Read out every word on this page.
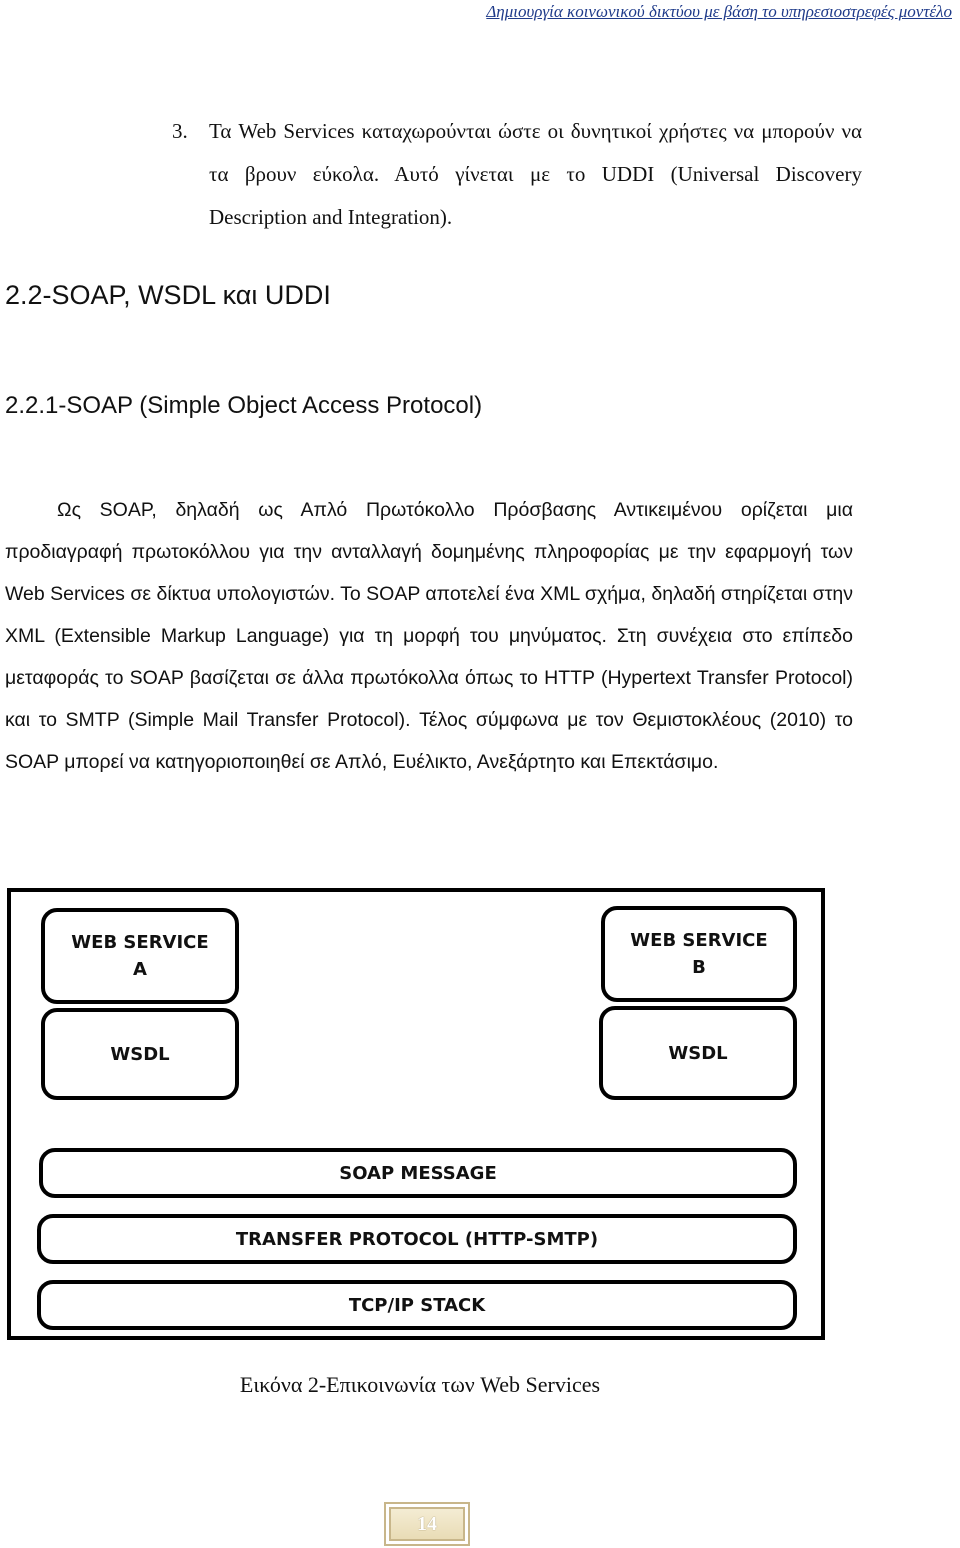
Δημιουργία κοινωνικού δικτύου με βάση το υπηρεσιοστρεφές μοντέλο
3. Τα Web Services καταχωρούνται ώστε οι δυνητικοί χρήστες να μπορούν να τα βρουν εύκολα. Αυτό γίνεται με το UDDI (Universal Discovery Description and Integration).
2.2-SOAP, WSDL και UDDI
2.2.1-SOAP (Simple Object Access Protocol)
Ως SOAP, δηλαδή ως Απλό Πρωτόκολλο Πρόσβασης Αντικειμένου ορίζεται μια προδιαγραφή πρωτοκόλλου για την ανταλλαγή δομημένης πληροφορίας με την εφαρμογή των Web Services σε δίκτυα υπολογιστών. Το SOAP αποτελεί ένα XML σχήμα, δηλαδή στηρίζεται στην XML (Extensible Markup Language) για τη μορφή του μηνύματος. Στη συνέχεια στο επίπεδο μεταφοράς το SOAP βασίζεται σε άλλα πρωτόκολλα όπως το HTTP (Hypertext Transfer Protocol) και το SMTP (Simple Mail Transfer Protocol). Τέλος σύμφωνα με τον Θεμιστοκλέους (2010) το SOAP μπορεί να κατηγοριοποιηθεί σε Απλό, Ευέλικτο, Ανεξάρτητο και Επεκτάσιμο.
WEB SERVICE
A
WEB SERVICE
B
WSDL	WSDL
SOAP MESSAGE
TRANSFER PROTOCOL (HTTP-SMTP)
TCP/IP STACK
Εικόνα 2-Επικοινωνία των Web Services
14
